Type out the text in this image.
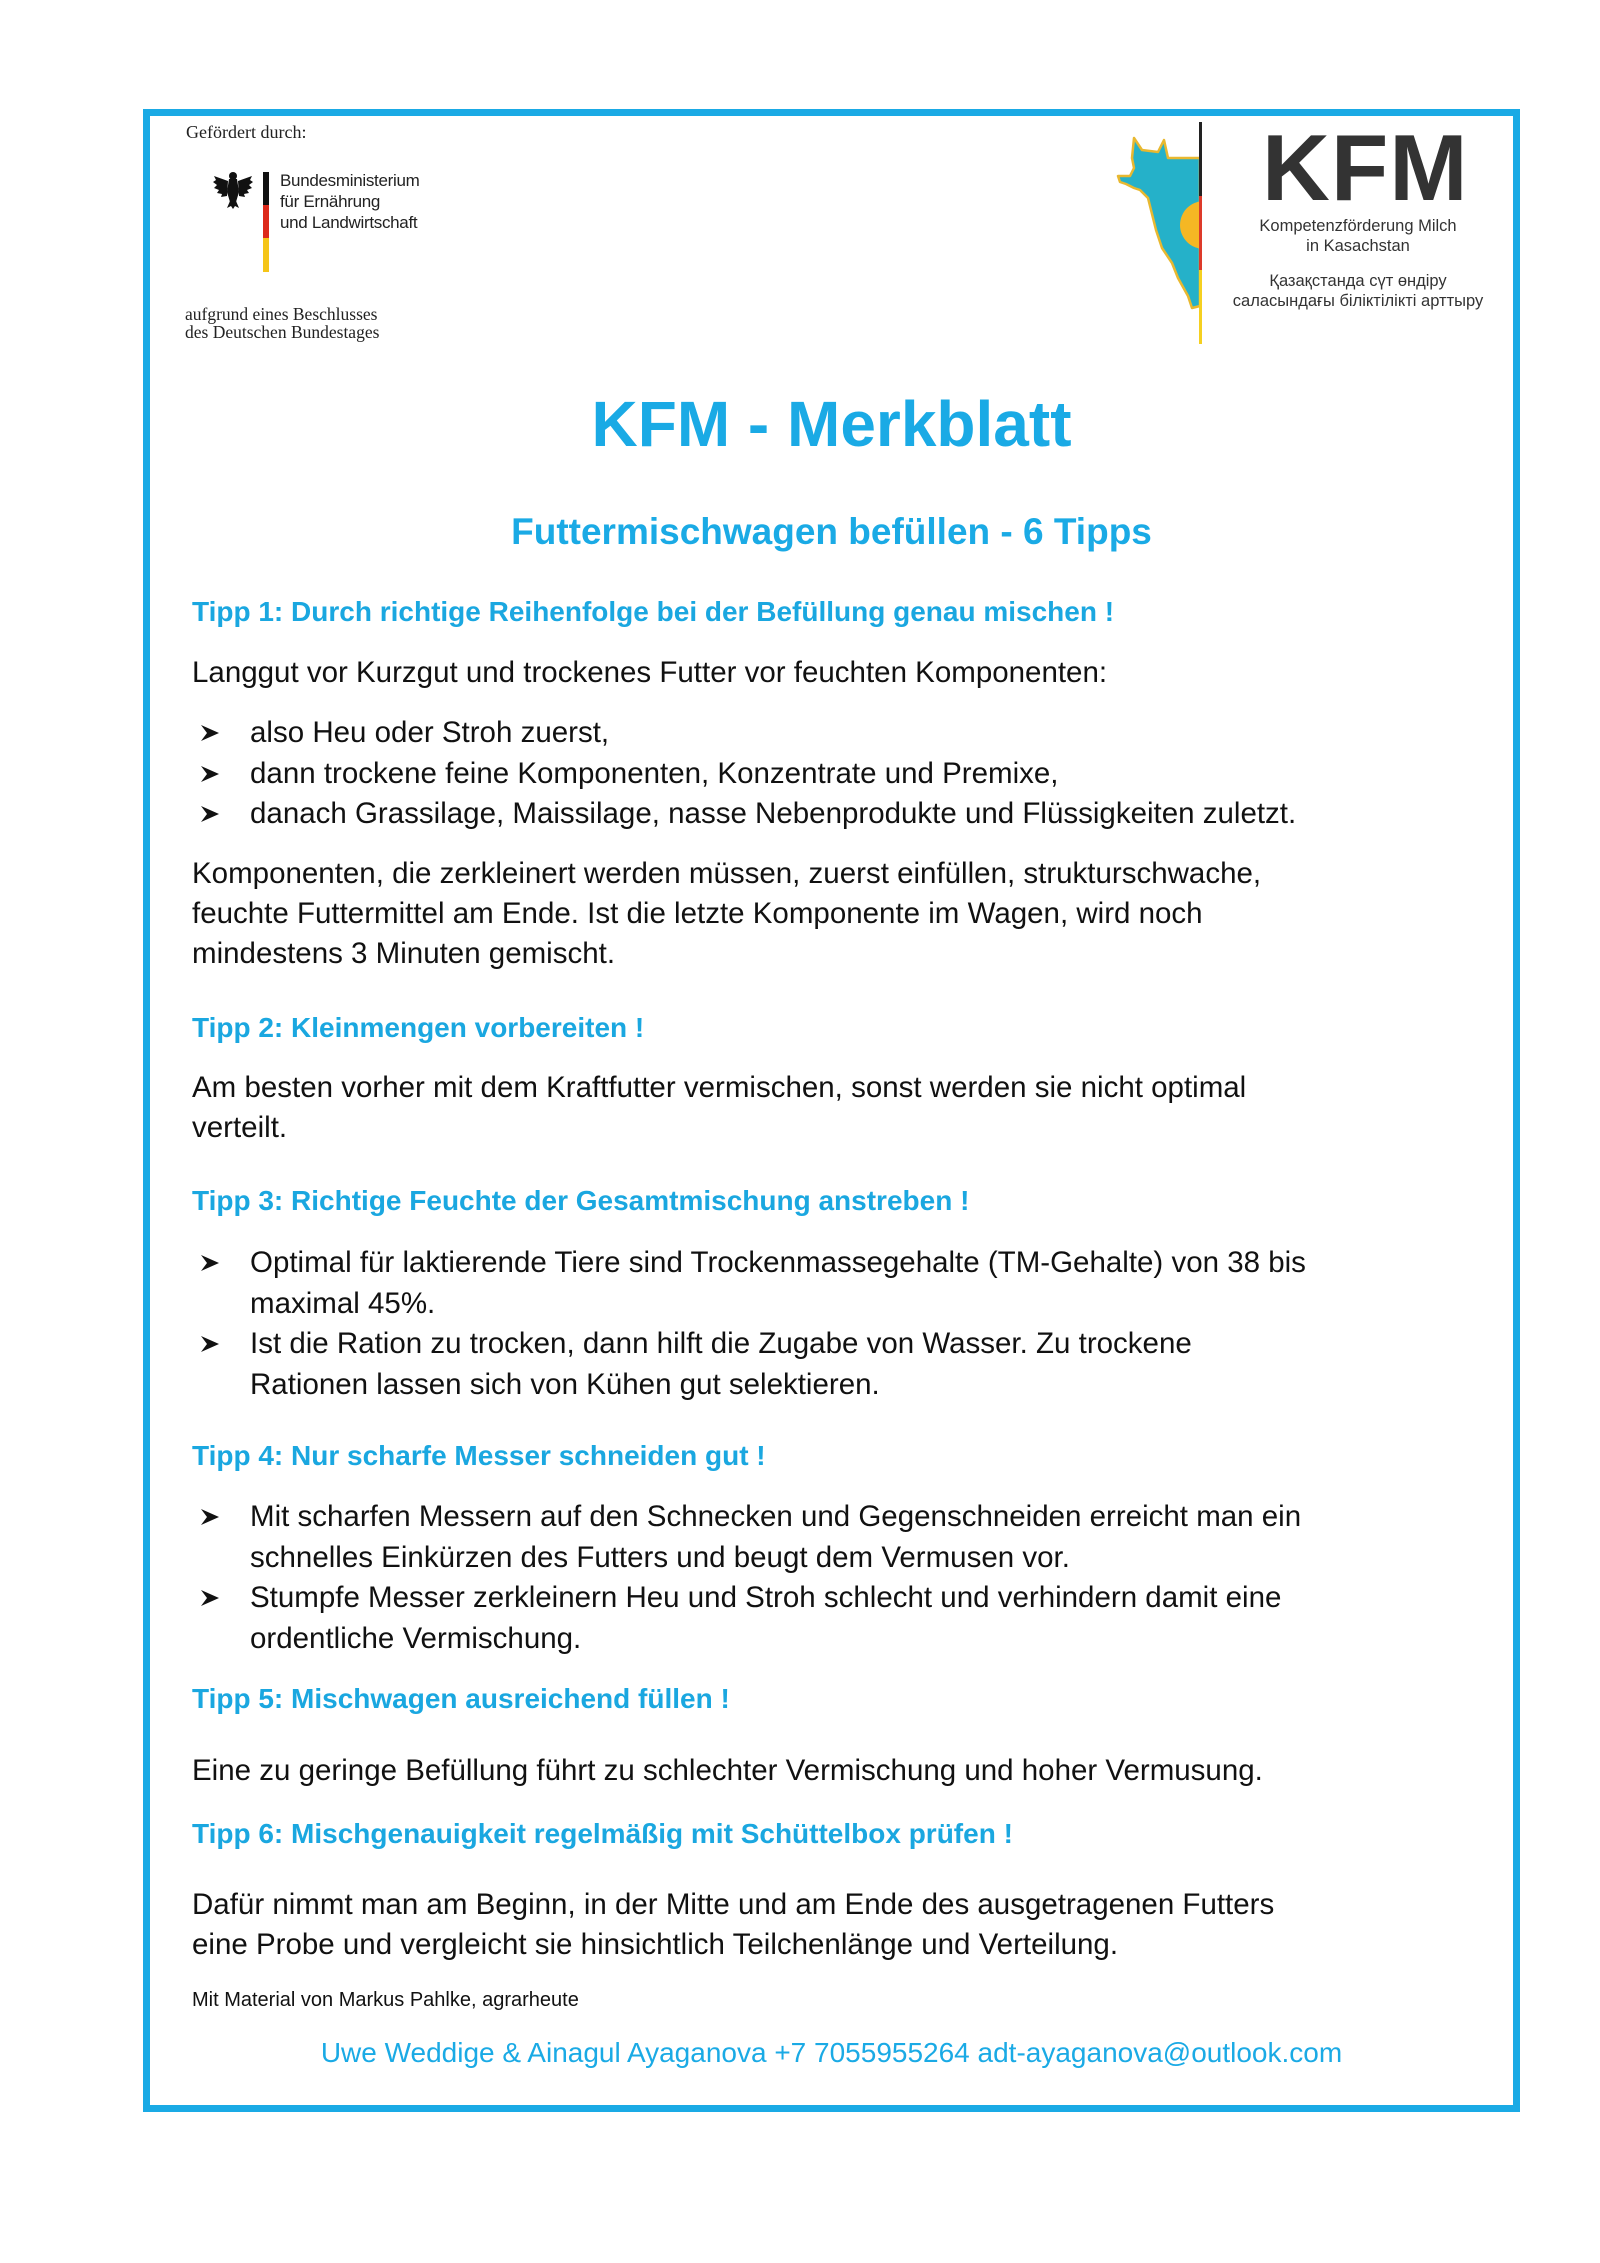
Gefördert durch:
Bundesministerium
für Ernährung
und Landwirtschaft
aufgrund eines Beschlusses
des Deutschen Bundestages
KFM
Kompetenzförderung Milch
in Kasachstan
Қазақстанда сүт өндіру
саласындағы біліктілікті арттыру
KFM - Merkblatt
Futtermischwagen befüllen - 6 Tipps
Tipp 1: Durch richtige Reihenfolge bei der Befüllung genau mischen !
Langgut vor Kurzgut und trockenes Futter vor feuchten Komponenten:
also Heu oder Stroh zuerst,
dann trockene feine Komponenten, Konzentrate und Premixe,
danach Grassilage, Maissilage, nasse Nebenprodukte und Flüssigkeiten zuletzt.
Komponenten, die zerkleinert werden müssen, zuerst einfüllen, strukturschwache,
feuchte Futtermittel am Ende. Ist die letzte Komponente im Wagen, wird noch
mindestens 3 Minuten gemischt.
Tipp 2: Kleinmengen vorbereiten !
Am besten vorher mit dem Kraftfutter vermischen, sonst werden sie nicht optimal
verteilt.
Tipp 3: Richtige Feuchte der Gesamtmischung anstreben !
Optimal für laktierende Tiere sind Trockenmassegehalte (TM-Gehalte) von 38 bis
maximal 45%.
Ist die Ration zu trocken, dann hilft die Zugabe von Wasser. Zu trockene
Rationen lassen sich von Kühen gut selektieren.
Tipp 4: Nur scharfe Messer schneiden gut !
Mit scharfen Messern auf den Schnecken und Gegenschneiden erreicht man ein
schnelles Einkürzen des Futters und beugt dem Vermusen vor.
Stumpfe Messer zerkleinern Heu und Stroh schlecht und verhindern damit eine
ordentliche Vermischung.
Tipp 5: Mischwagen ausreichend füllen !
Eine zu geringe Befüllung führt zu schlechter Vermischung und hoher Vermusung.
Tipp 6: Mischgenauigkeit regelmäßig mit Schüttelbox prüfen !
Dafür nimmt man am Beginn, in der Mitte und am Ende des ausgetragenen Futters
eine Probe und vergleicht sie hinsichtlich Teilchenlänge und Verteilung.
Mit Material von Markus Pahlke, agrarheute
Uwe Weddige & Ainagul Ayaganova +7 7055955264 adt-ayaganova@outlook.com
